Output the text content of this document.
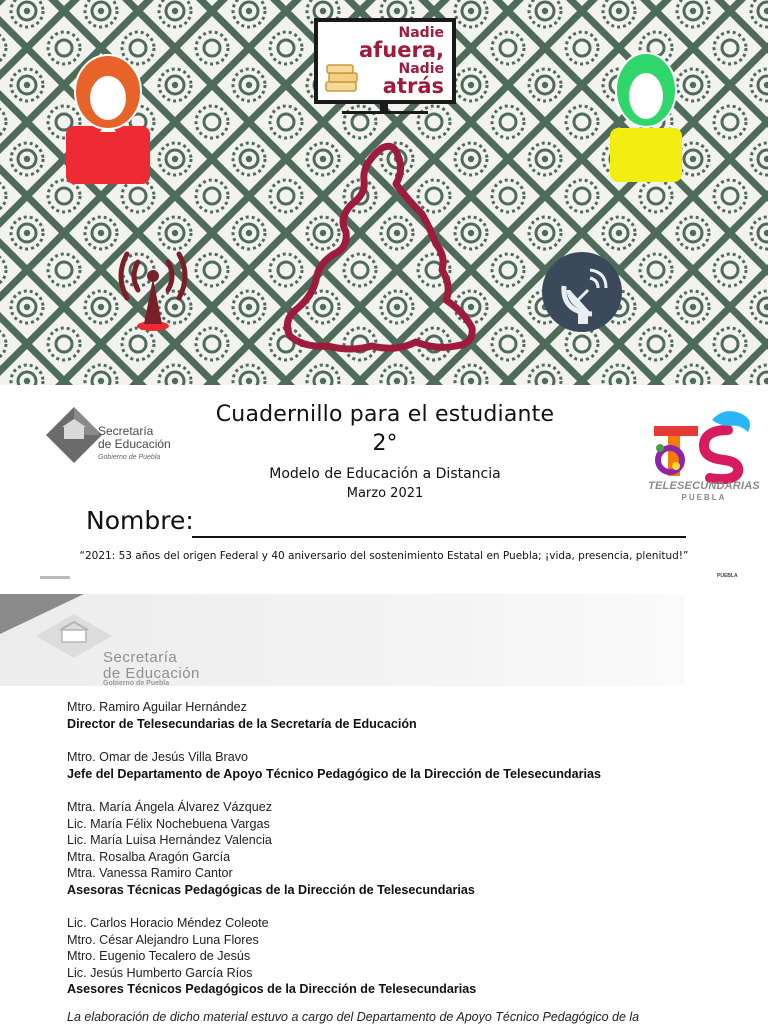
Nadie
afuera,
Nadie
atrás
Secretaría
de Educación
Gobierno de Puebla
Cuadernillo para el estudiante
2°
Modelo de Educación a Distancia
Marzo 2021	TELESECUNDARIAS
PUEBLA
Nombre:
“2021: 53 años del origen Federal y 40 aniversario del sostenimiento Estatal en Puebla; ¡vida, presencia, plenitud!”
PUEBLA
Secretaría
de Educación
Gobierno de Puebla
Mtro. Ramiro Aguilar Hernández
Director de Telesecundarias de la Secretaría de Educación
Mtro. Omar de Jesús Villa Bravo
Jefe del Departamento de Apoyo Técnico Pedagógico de la Dirección de Telesecundarias
Mtra. María Ángela Álvarez Vázquez
Lic. María Félix Nochebuena Vargas
Lic. María Luisa Hernández Valencia
Mtra. Rosalba Aragón García
Mtra. Vanessa Ramiro Cantor
Asesoras Técnicas Pedagógicas de la Dirección de Telesecundarias
Lic. Carlos Horacio Méndez Coleote
Mtro. César Alejandro Luna Flores
Mtro. Eugenio Tecalero de Jesús
Lic. Jesús Humberto García Ríos
Asesores Técnicos Pedagógicos de la Dirección de Telesecundarias
La elaboración de dicho material estuvo a cargo del Departamento de Apoyo Técnico Pedagógico de la
